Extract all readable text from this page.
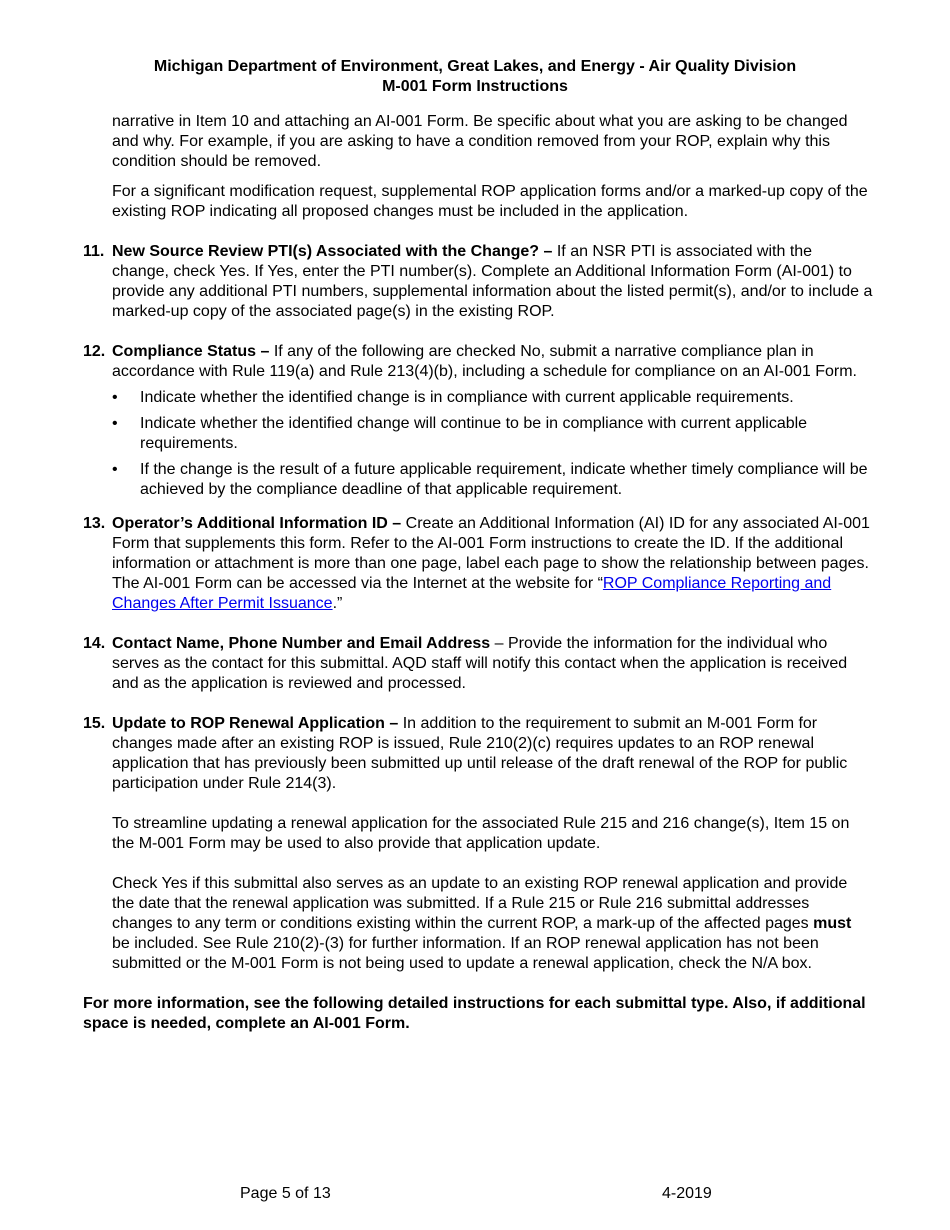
Michigan Department of Environment, Great Lakes, and Energy - Air Quality Division
M-001 Form Instructions

narrative in Item 10 and attaching an AI-001 Form. Be specific about what you are asking to be changed and why. For example, if you are asking to have a condition removed from your ROP, explain why this condition should be removed.

For a significant modification request, supplemental ROP application forms and/or a marked-up copy of the existing ROP indicating all proposed changes must be included in the application.

11. New Source Review PTI(s) Associated with the Change? – If an NSR PTI is associated with the change, check Yes. If Yes, enter the PTI number(s). Complete an Additional Information Form (AI-001) to provide any additional PTI numbers, supplemental information about the listed permit(s), and/or to include a marked-up copy of the associated page(s) in the existing ROP.

12. Compliance Status – If any of the following are checked No, submit a narrative compliance plan in accordance with Rule 119(a) and Rule 213(4)(b), including a schedule for compliance on an AI-001 Form.

• Indicate whether the identified change is in compliance with current applicable requirements.
• Indicate whether the identified change will continue to be in compliance with current applicable requirements.
• If the change is the result of a future applicable requirement, indicate whether timely compliance will be achieved by the compliance deadline of that applicable requirement.
13. Operator’s Additional Information ID – Create an Additional Information (AI) ID for any associated AI-001 Form that supplements this form. Refer to the AI-001 Form instructions to create the ID. If the additional information or attachment is more than one page, label each page to show the relationship between pages. The AI-001 Form can be accessed via the Internet at the website for “ROP Compliance Reporting and Changes After Permit Issuance.”

14. Contact Name, Phone Number and Email Address – Provide the information for the individual who serves as the contact for this submittal. AQD staff will notify this contact when the application is received and as the application is reviewed and processed.

15. Update to ROP Renewal Application – In addition to the requirement to submit an M-001 Form for changes made after an existing ROP is issued, Rule 210(2)(c) requires updates to an ROP renewal application that has previously been submitted up until release of the draft renewal of the ROP for public participation under Rule 214(3).

To streamline updating a renewal application for the associated Rule 215 and 216 change(s), Item 15 on the M-001 Form may be used to also provide that application update.

Check Yes if this submittal also serves as an update to an existing ROP renewal application and provide the date that the renewal application was submitted. If a Rule 215 or Rule 216 submittal addresses changes to any term or conditions existing within the current ROP, a mark-up of the affected pages must be included. See Rule 210(2)-(3) for further information. If an ROP renewal application has not been submitted or the M-001 Form is not being used to update a renewal application, check the N/A box.

For more information, see the following detailed instructions for each submittal type. Also, if additional space is needed, complete an AI-001 Form.

Page 5 of 13	4-2019
